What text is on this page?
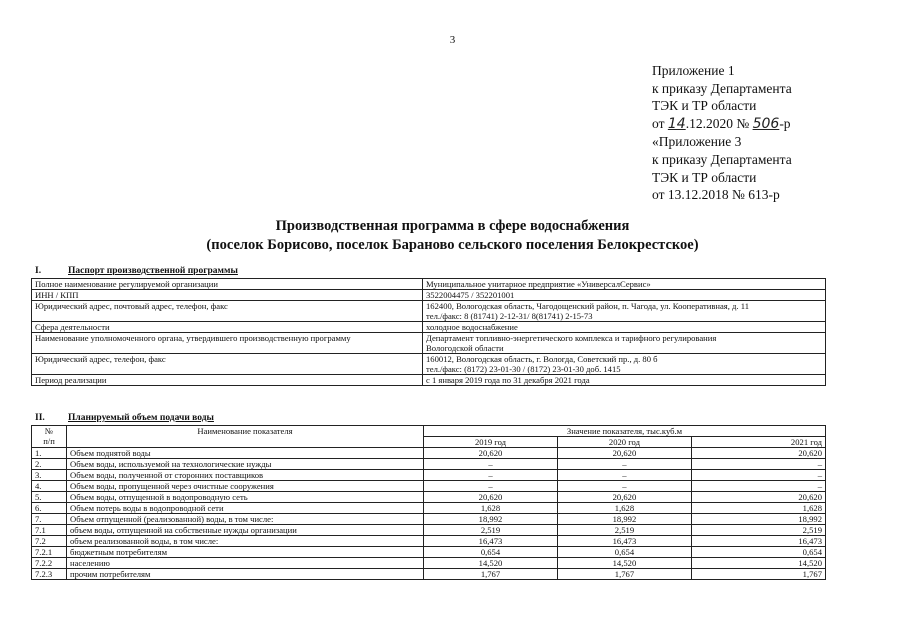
3
Приложение 1
к приказу Департамента
ТЭК и ТР области
от 14.12.2020 № 506-р
«Приложение 3
к приказу Департамента
ТЭК и ТР области
от 13.12.2018 № 613-р
Производственная программа в сфере водоснабжения
(поселок Борисово, поселок Бараново сельского поселения Белокрестское)
I.	Паспорт производственной программы
Полное наименование регулируемой организации	Муниципальное унитарное предприятие «УниверсалСервис»

ИНН / КПП	3522004475 / 352201001

Юридический адрес, почтовый адрес, телефон, факс	162400, Вологодская область, Чагодощенский район, п. Чагода, ул. Кооперативная, д. 11
тел./факс: 8 (81741) 2-12-31/ 8(81741) 2-15-73

Сфера деятельности	холодное водоснабжение

Наименование уполномоченного органа, утвердившего производственную программу	Департамент топливно-энергетического комплекса и тарифного регулирования
Вологодской области

Юридический адрес, телефон, факс	160012, Вологодская область, г. Вологда, Советский пр., д. 80 б
тел./факс: (8172) 23-01-30 / (8172) 23-01-30 доб. 1415

Период реализации	с 1 января 2019 года по 31 декабря 2021 года
II. Планируемый объем подачи воды
№
п/п	Наименование показателя	Значение показателя, тыс.куб.м		
		2019 год	2020 год	2021 год
1.	Объем поднятой воды	20,620	20,620	20,620
2.	Объем воды, используемой на технологические нужды	–	–	–
3.	Объем воды, полученной от сторонних поставщиков	–	–	–
4.	Объем воды, пропущенной через очистные сооружения	–	–	–
5.	Объем воды, отпущенной в водопроводную сеть	20,620	20,620	20,620
6.	Объем потерь воды в водопроводной сети	1,628	1,628	1,628
7.	Объем отпущенной (реализованной) воды, в том числе:	18,992	18,992	18,992
7.1	объем воды, отпущенной на собственные нужды организации	2,519	2,519	2,519
7.2	объем реализованной воды, в том числе:	16,473	16,473	16,473
7.2.1	бюджетным потребителям	0,654	0,654	0,654
7.2.2	населению	14,520	14,520	14,520
7.2.3	прочим потребителям	1,767	1,767	1,767
